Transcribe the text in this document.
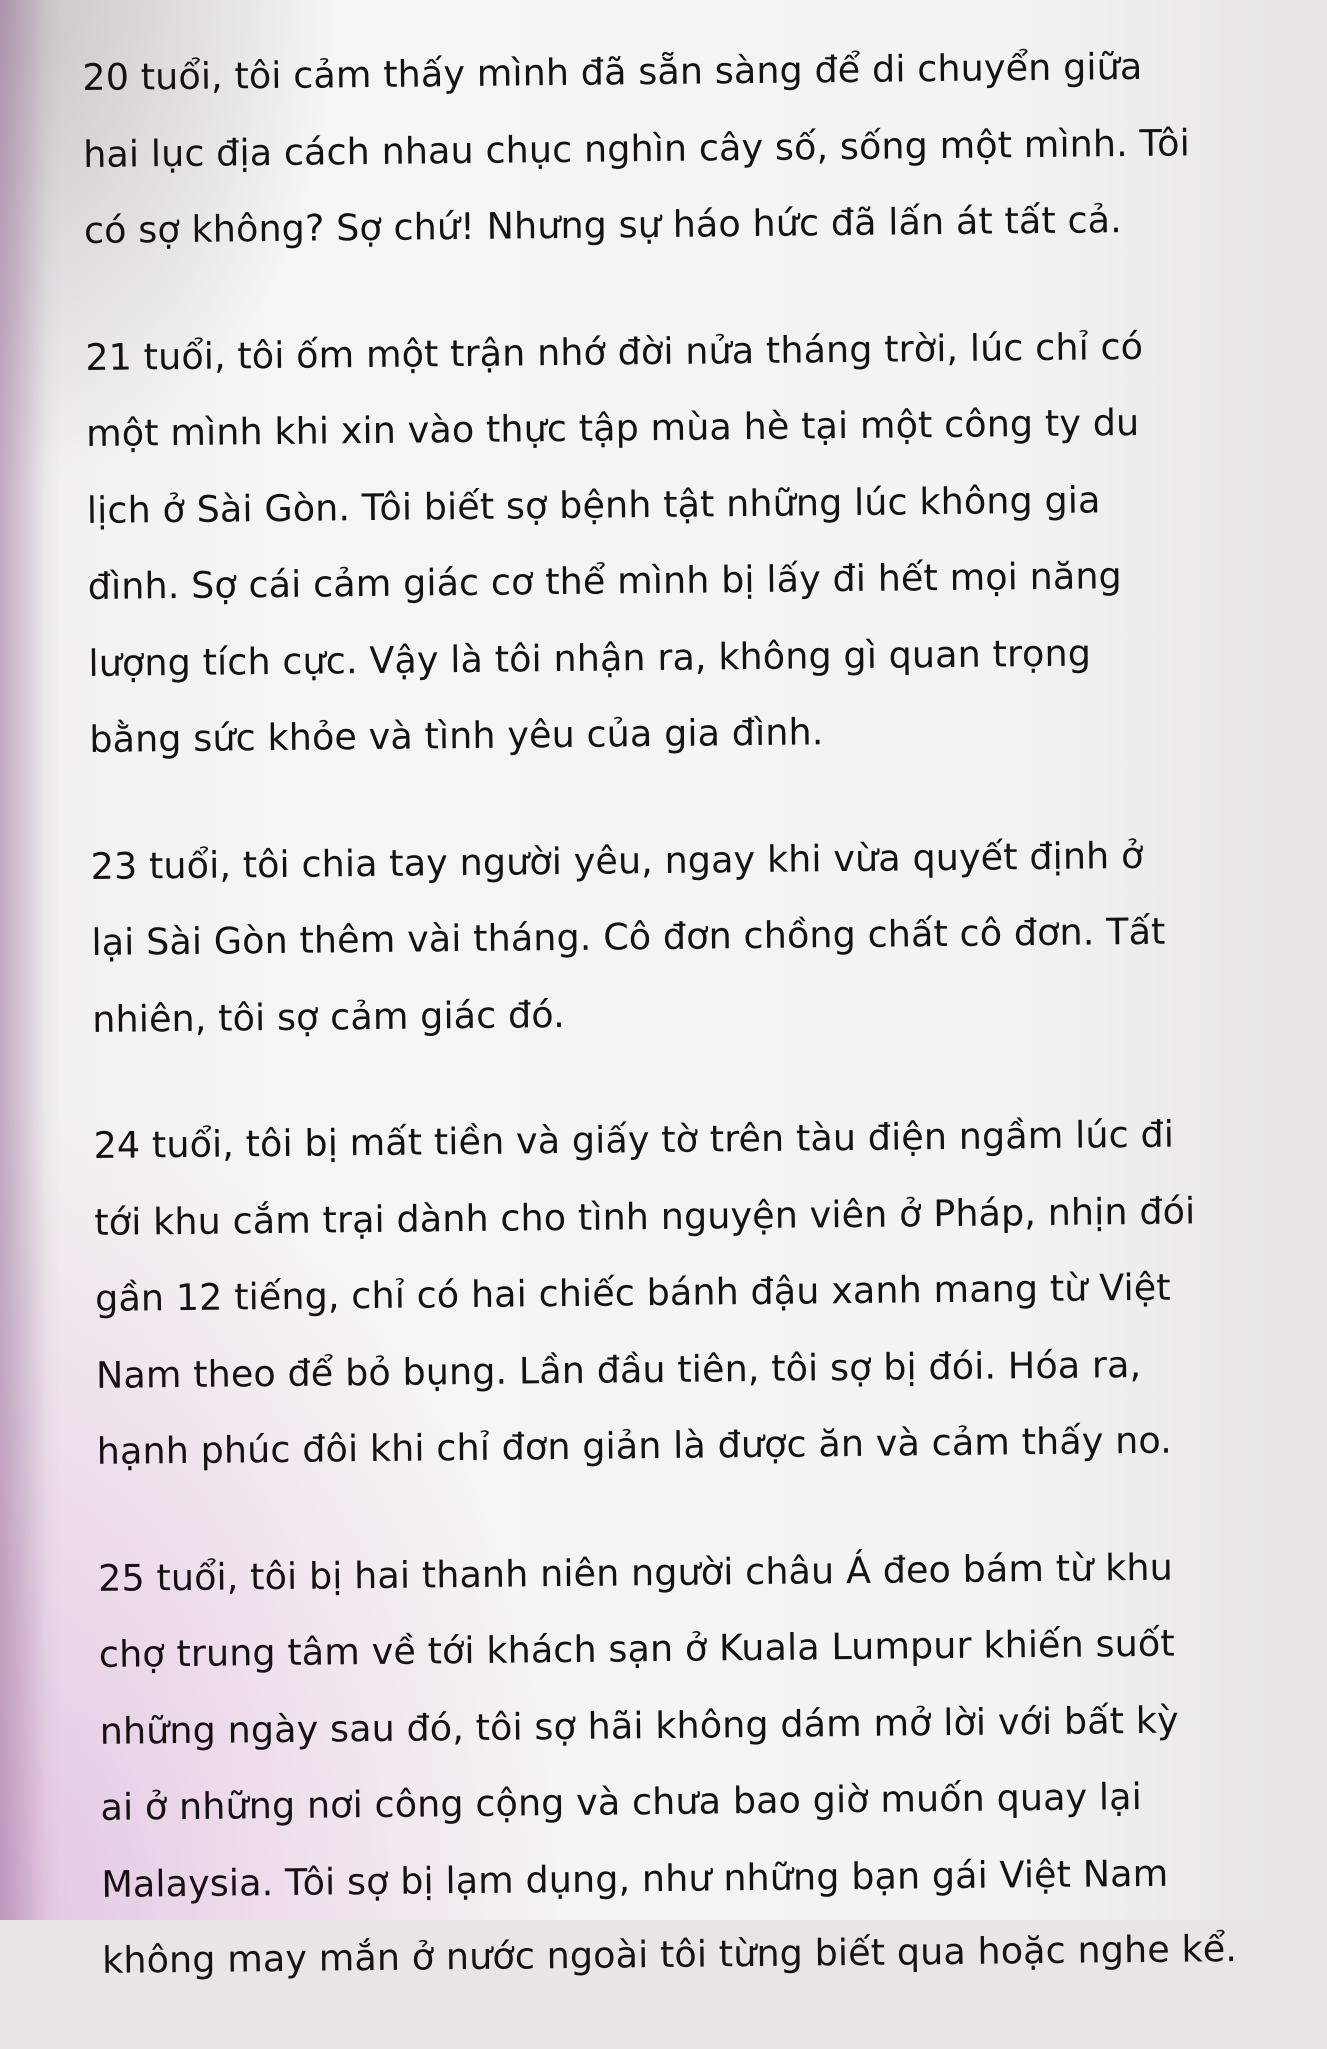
20 tuổi, tôi cảm thấy mình đã sẵn sàng để di chuyển giữa
hai lục địa cách nhau chục nghìn cây số, sống một mình. Tôi
có sợ không? Sợ chứ! Nhưng sự háo hức đã lấn át tất cả.

21 tuổi, tôi ốm một trận nhớ đời nửa tháng trời, lúc chỉ có
một mình khi xin vào thực tập mùa hè tại một công ty du
lịch ở Sài Gòn. Tôi biết sợ bệnh tật những lúc không gia
đình. Sợ cái cảm giác cơ thể mình bị lấy đi hết mọi năng
lượng tích cực. Vậy là tôi nhận ra, không gì quan trọng
bằng sức khỏe và tình yêu của gia đình.

23 tuổi, tôi chia tay người yêu, ngay khi vừa quyết định ở
lại Sài Gòn thêm vài tháng. Cô đơn chồng chất cô đơn. Tất
nhiên, tôi sợ cảm giác đó.

24 tuổi, tôi bị mất tiền và giấy tờ trên tàu điện ngầm lúc đi
tới khu cắm trại dành cho tình nguyện viên ở Pháp, nhịn đói
gần 12 tiếng, chỉ có hai chiếc bánh đậu xanh mang từ Việt
Nam theo để bỏ bụng. Lần đầu tiên, tôi sợ bị đói. Hóa ra,
hạnh phúc đôi khi chỉ đơn giản là được ăn và cảm thấy no.

25 tuổi, tôi bị hai thanh niên người châu Á đeo bám từ khu
chợ trung tâm về tới khách sạn ở Kuala Lumpur khiến suốt
những ngày sau đó, tôi sợ hãi không dám mở lời với bất kỳ
ai ở những nơi công cộng và chưa bao giờ muốn quay lại
Malaysia. Tôi sợ bị lạm dụng, như những bạn gái Việt Nam
không may mắn ở nước ngoài tôi từng biết qua hoặc nghe kể.
